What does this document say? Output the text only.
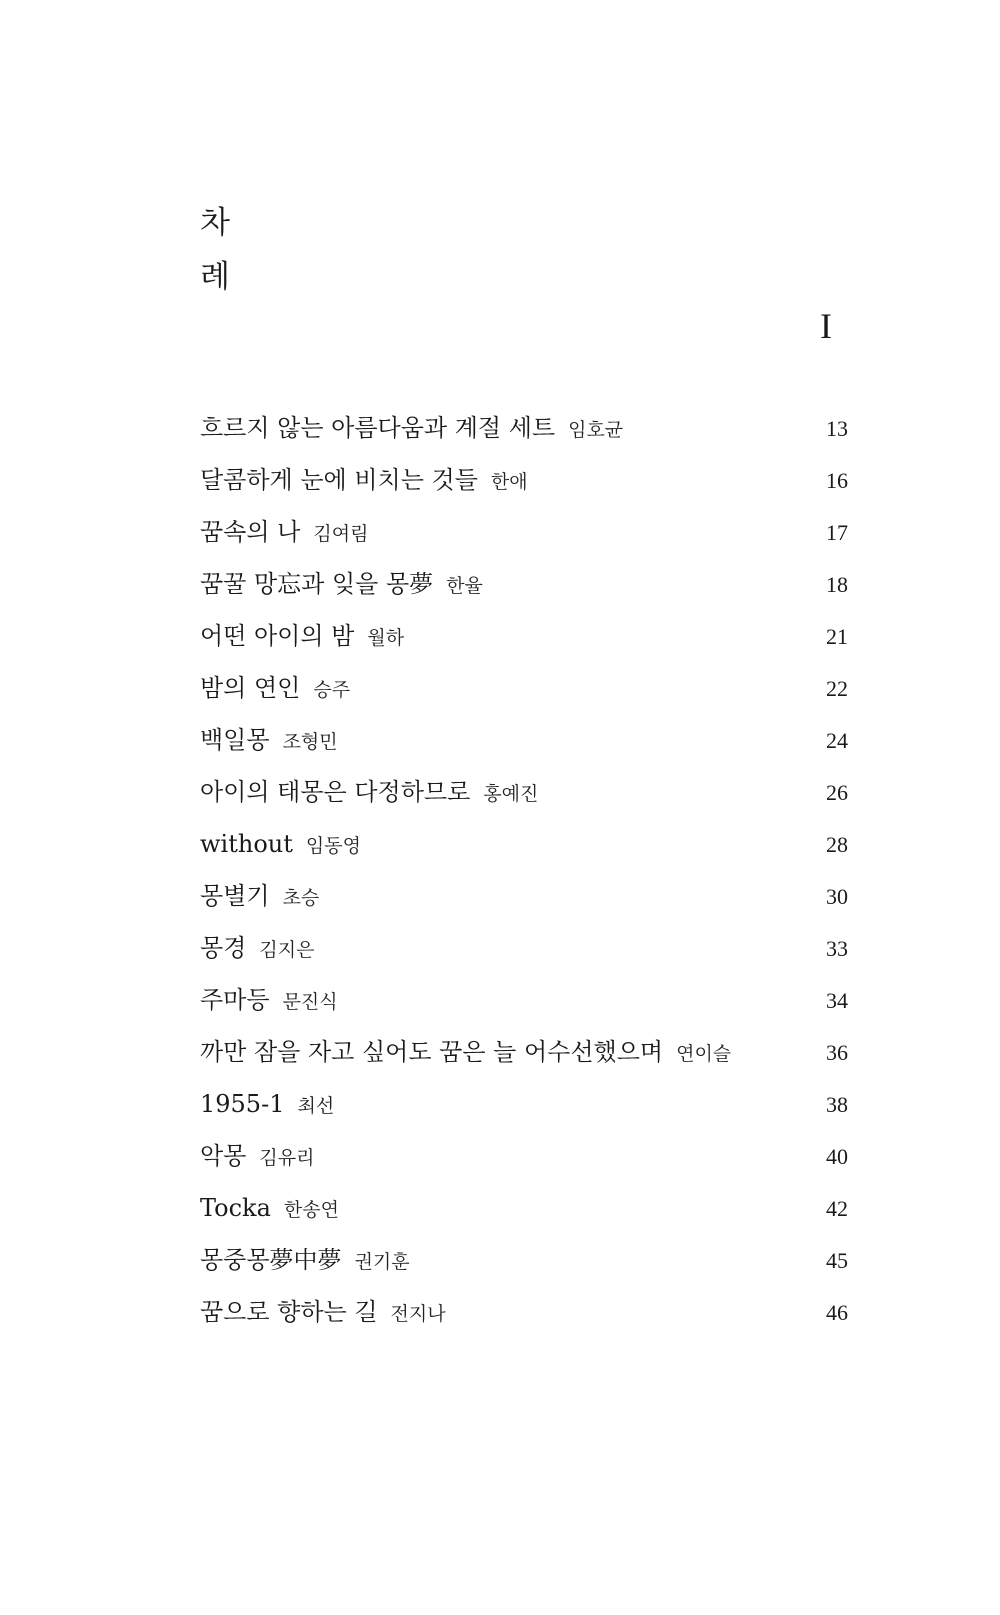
차
례
I
흐르지 않는 아름다움과 계절 세트 임호균	13
달콤하게 눈에 비치는 것들 한애	16
꿈속의 나 김여림	17
꿈꿀 망忘과 잊을 몽夢 한율	18
어떤 아이의 밤 월하	21
밤의 연인 승주	22
백일몽 조형민	24
아이의 태몽은 다정하므로 홍예진	26
without 임동영	28
몽별기 초승	30
몽경 김지은	33
주마등 문진식	34
까만 잠을 자고 싶어도 꿈은 늘 어수선했으며 연이슬	36
1955-1 최선	38
악몽 김유리	40
Tocka 한송연	42
몽중몽夢中夢 권기훈	45
꿈으로 향하는 길 전지나	46
